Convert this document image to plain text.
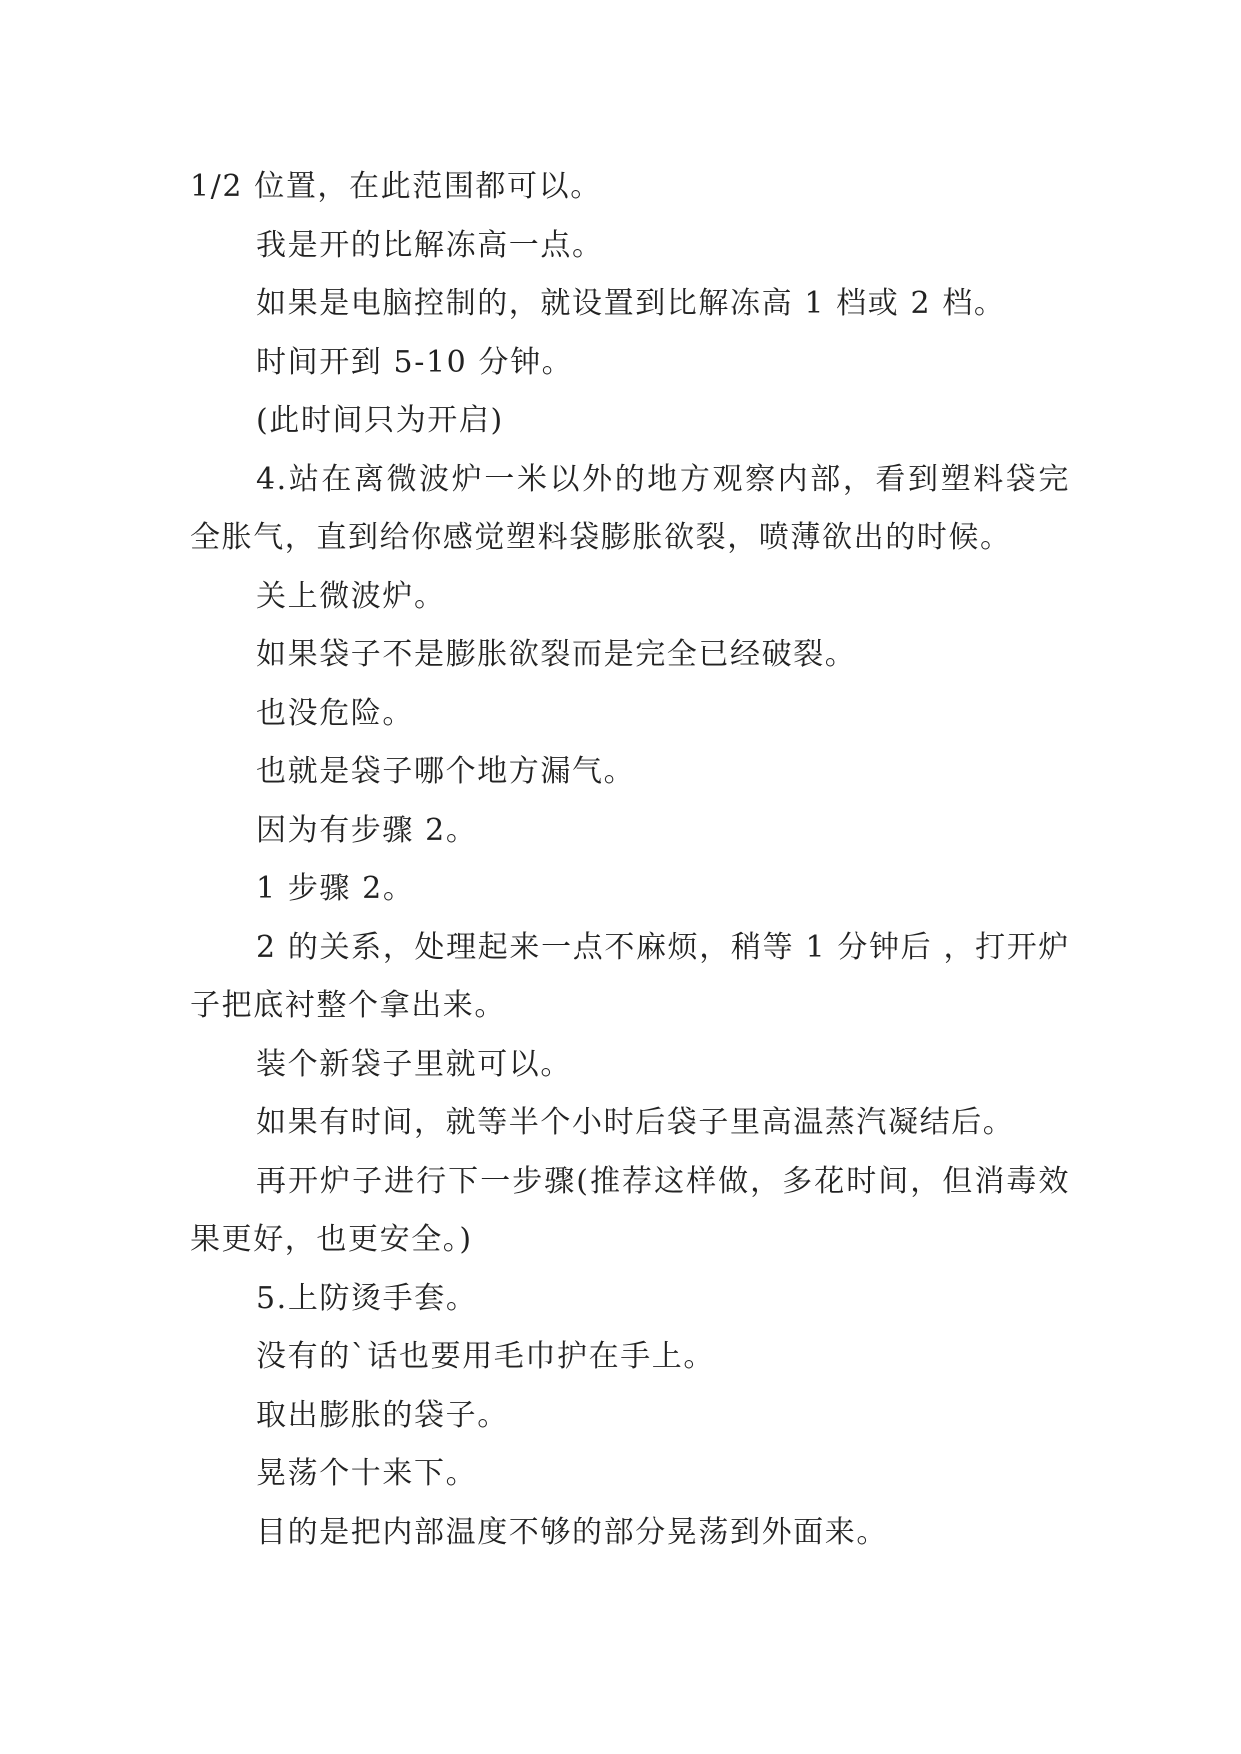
1/2 位置，在此范围都可以。

我是开的比解冻高一点。

如果是电脑控制的，就设置到比解冻高 1 档或 2 档。

时间开到 5-10 分钟。

(此时间只为开启)

4.站在离微波炉一米以外的地方观察内部，看到塑料袋完全胀气，直到给你感觉塑料袋膨胀欲裂，喷薄欲出的时候。

关上微波炉。

如果袋子不是膨胀欲裂而是完全已经破裂。

也没危险。

也就是袋子哪个地方漏气。

因为有步骤 2。

1 步骤 2。

2 的关系，处理起来一点不麻烦，稍等 1 分钟后 ，打开炉子把底衬整个拿出来。

装个新袋子里就可以。

如果有时间，就等半个小时后袋子里高温蒸汽凝结后。

再开炉子进行下一步骤(推荐这样做，多花时间，但消毒效果更好，也更安全。)

5.上防烫手套。

没有的`话也要用毛巾护在手上。

取出膨胀的袋子。

晃荡个十来下。

目的是把内部温度不够的部分晃荡到外面来。
